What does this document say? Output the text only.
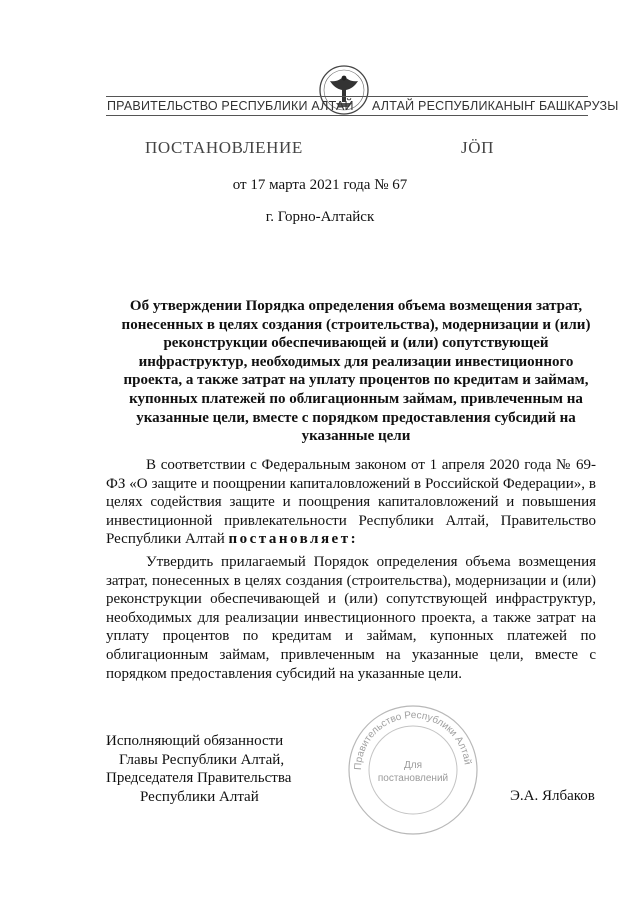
ПРАВИТЕЛЬСТВО РЕСПУБЛИКИ АЛТАЙ АЛТАЙ РЕСПУБЛИКАНЫҤ БАШКАРУЗЫ
ПОСТАНОВЛЕНИЕ	ЈӦП
от 17 марта 2021 года № 67
г. Горно-Алтайск
Об утверждении Порядка определения объема возмещения затрат, понесенных в целях создания (строительства), модернизации и (или) реконструкции обеспечивающей и (или) сопутствующей инфраструктур, необходимых для реализации инвестиционного проекта, а также затрат на уплату процентов по кредитам и займам, купонных платежей по облигационным займам, привлеченным на указанные цели, вместе с порядком предоставления субсидий на указанные цели
В соответствии с Федеральным законом от 1 апреля 2020 года № 69-ФЗ «О защите и поощрении капиталовложений в Российской Федерации», в целях содействия защите и поощрения капиталовложений и повышения инвестиционной привлекательности Республики Алтай, Правительство Республики Алтай постановляет:
Утвердить прилагаемый Порядок определения объема возмещения затрат, понесенных в целях создания (строительства), модернизации и (или) реконструкции обеспечивающей и (или) сопутствующей инфраструктур, необходимых для реализации инвестиционного проекта, а также затрат на уплату процентов по кредитам и займам, купонных платежей по облигационным займам, привлеченным на указанные цели, вместе с порядком предоставления субсидий на указанные цели.
Исполняющий обязанности
Главы Республики Алтай,
Председателя Правительства
Республики Алтай	Э.А. Ялбаков
Правительство Республики Алтай
Для
постановлений
